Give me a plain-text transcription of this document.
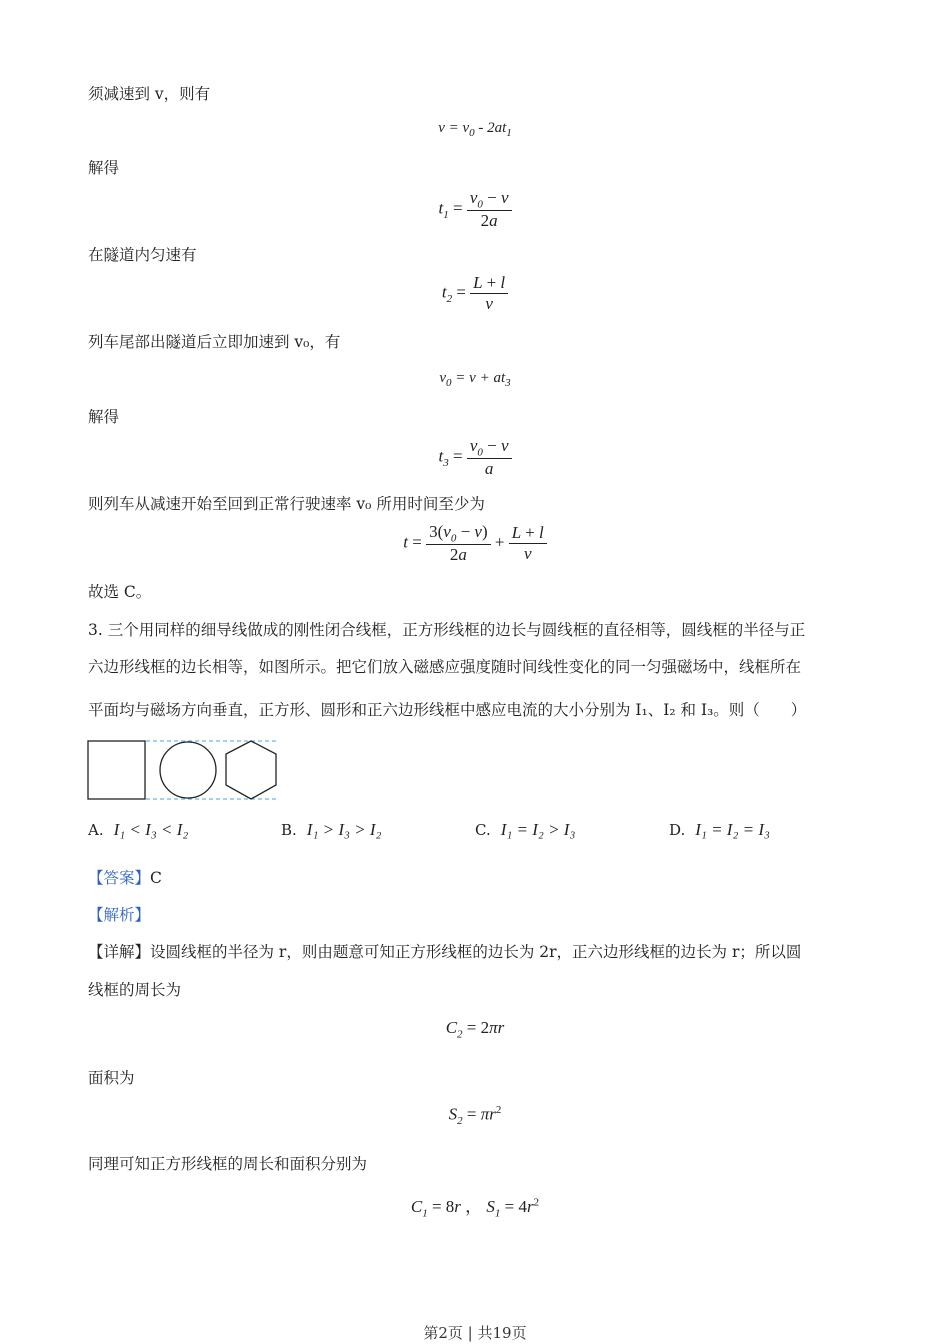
须减速到 v，则有
$v = v_0 - 2at_1$
解得
$t_1 = \frac{v_0 - v}{2a}$
在隧道内匀速有
$t_2 = \frac{L + l}{v}$
列车尾部出隧道后立即加速到 v₀，有
$v_0 = v + at_3$
解得
$t_3 = \frac{v_0 - v}{a}$
则列车从减速开始至回到正常行驶速率 v₀ 所用时间至少为
$t = \frac{3(v_0 - v)}{2a} + \frac{L + l}{v}$
故选 C。
3. 三个用同样的细导线做成的刚性闭合线框，正方形线框的边长与圆线框的直径相等，圆线框的半径与正
六边形线框的边长相等，如图所示。把它们放入磁感应强度随时间线性变化的同一匀强磁场中，线框所在
平面均与磁场方向垂直，正方形、圆形和正六边形线框中感应电流的大小分别为 I₁、I₂ 和 I₃。则（　　）
A. I₁ < I₃ < I₂	B. I₁ > I₃ > I₂	C. I₁ = I₂ > I₃	D. I₁ = I₂ = I₃
【答案】C
【解析】
【详解】设圆线框的半径为 r，则由题意可知正方形线框的边长为 2r，正六边形线框的边长为 r；所以圆
线框的周长为
$C_2 = 2\pi r$
面积为
$S_2 = \pi r^2$
同理可知正方形线框的周长和面积分别为
$C_1 = 8r$ ， $S_1 = 4r^2$
第2页 | 共19页
